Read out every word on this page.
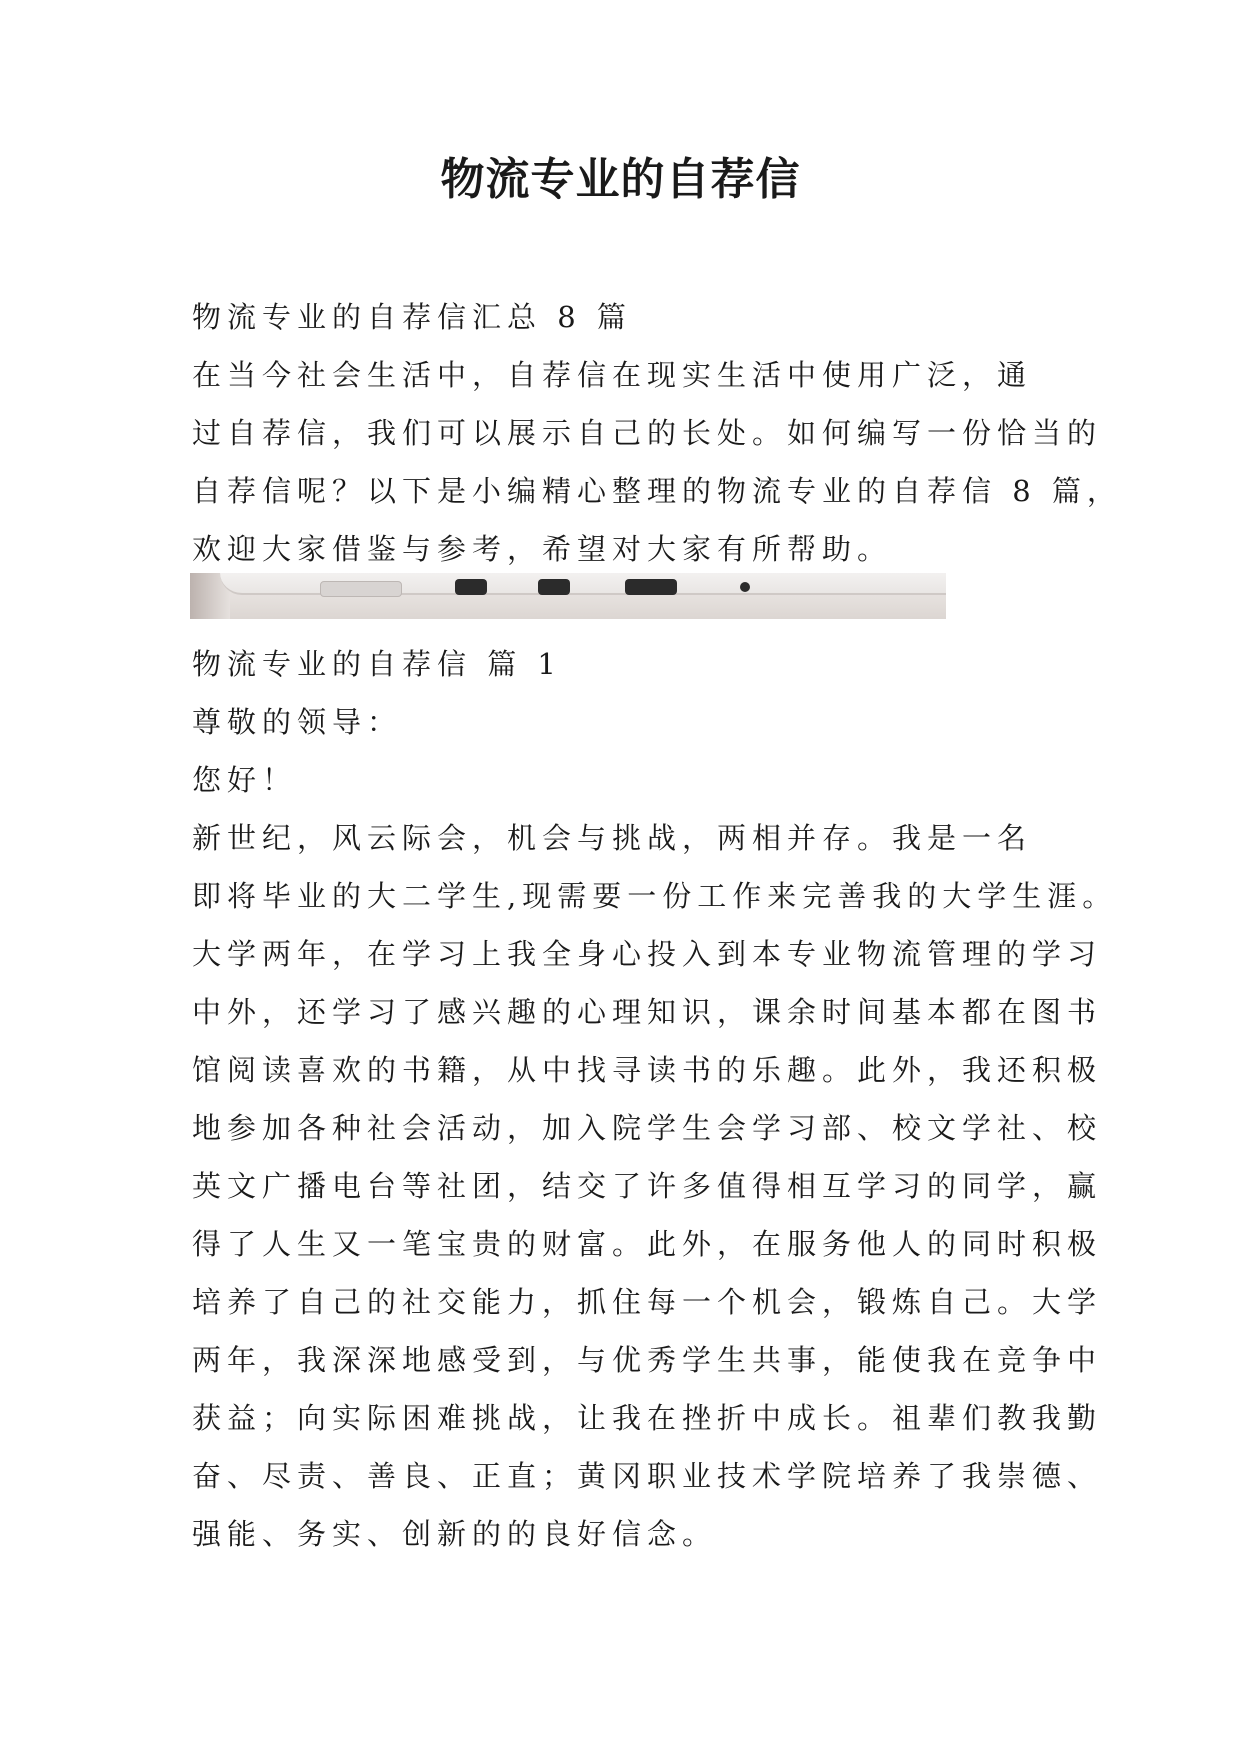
物流专业的自荐信

物流专业的自荐信汇总 8 篇

在当今社会生活中，自荐信在现实生活中使用广泛，通

过自荐信，我们可以展示自己的长处。如何编写一份恰当的

自荐信呢？以下是小编精心整理的物流专业的自荐信 8 篇，

欢迎大家借鉴与参考，希望对大家有所帮助。

物流专业的自荐信 篇 1

尊敬的领导：

您好！

新世纪，风云际会，机会与挑战，两相并存。我是一名

即将毕业的大二学生,现需要一份工作来完善我的大学生涯。

大学两年，在学习上我全身心投入到本专业物流管理的学习

中外，还学习了感兴趣的心理知识，课余时间基本都在图书

馆阅读喜欢的书籍，从中找寻读书的乐趣。此外，我还积极

地参加各种社会活动，加入院学生会学习部、校文学社、校

英文广播电台等社团，结交了许多值得相互学习的同学，赢

得了人生又一笔宝贵的财富。此外，在服务他人的同时积极

培养了自己的社交能力，抓住每一个机会，锻炼自己。大学

两年，我深深地感受到，与优秀学生共事，能使我在竞争中

获益；向实际困难挑战，让我在挫折中成长。祖辈们教我勤

奋、尽责、善良、正直；黄冈职业技术学院培养了我崇德、

强能、务实、创新的的良好信念。
